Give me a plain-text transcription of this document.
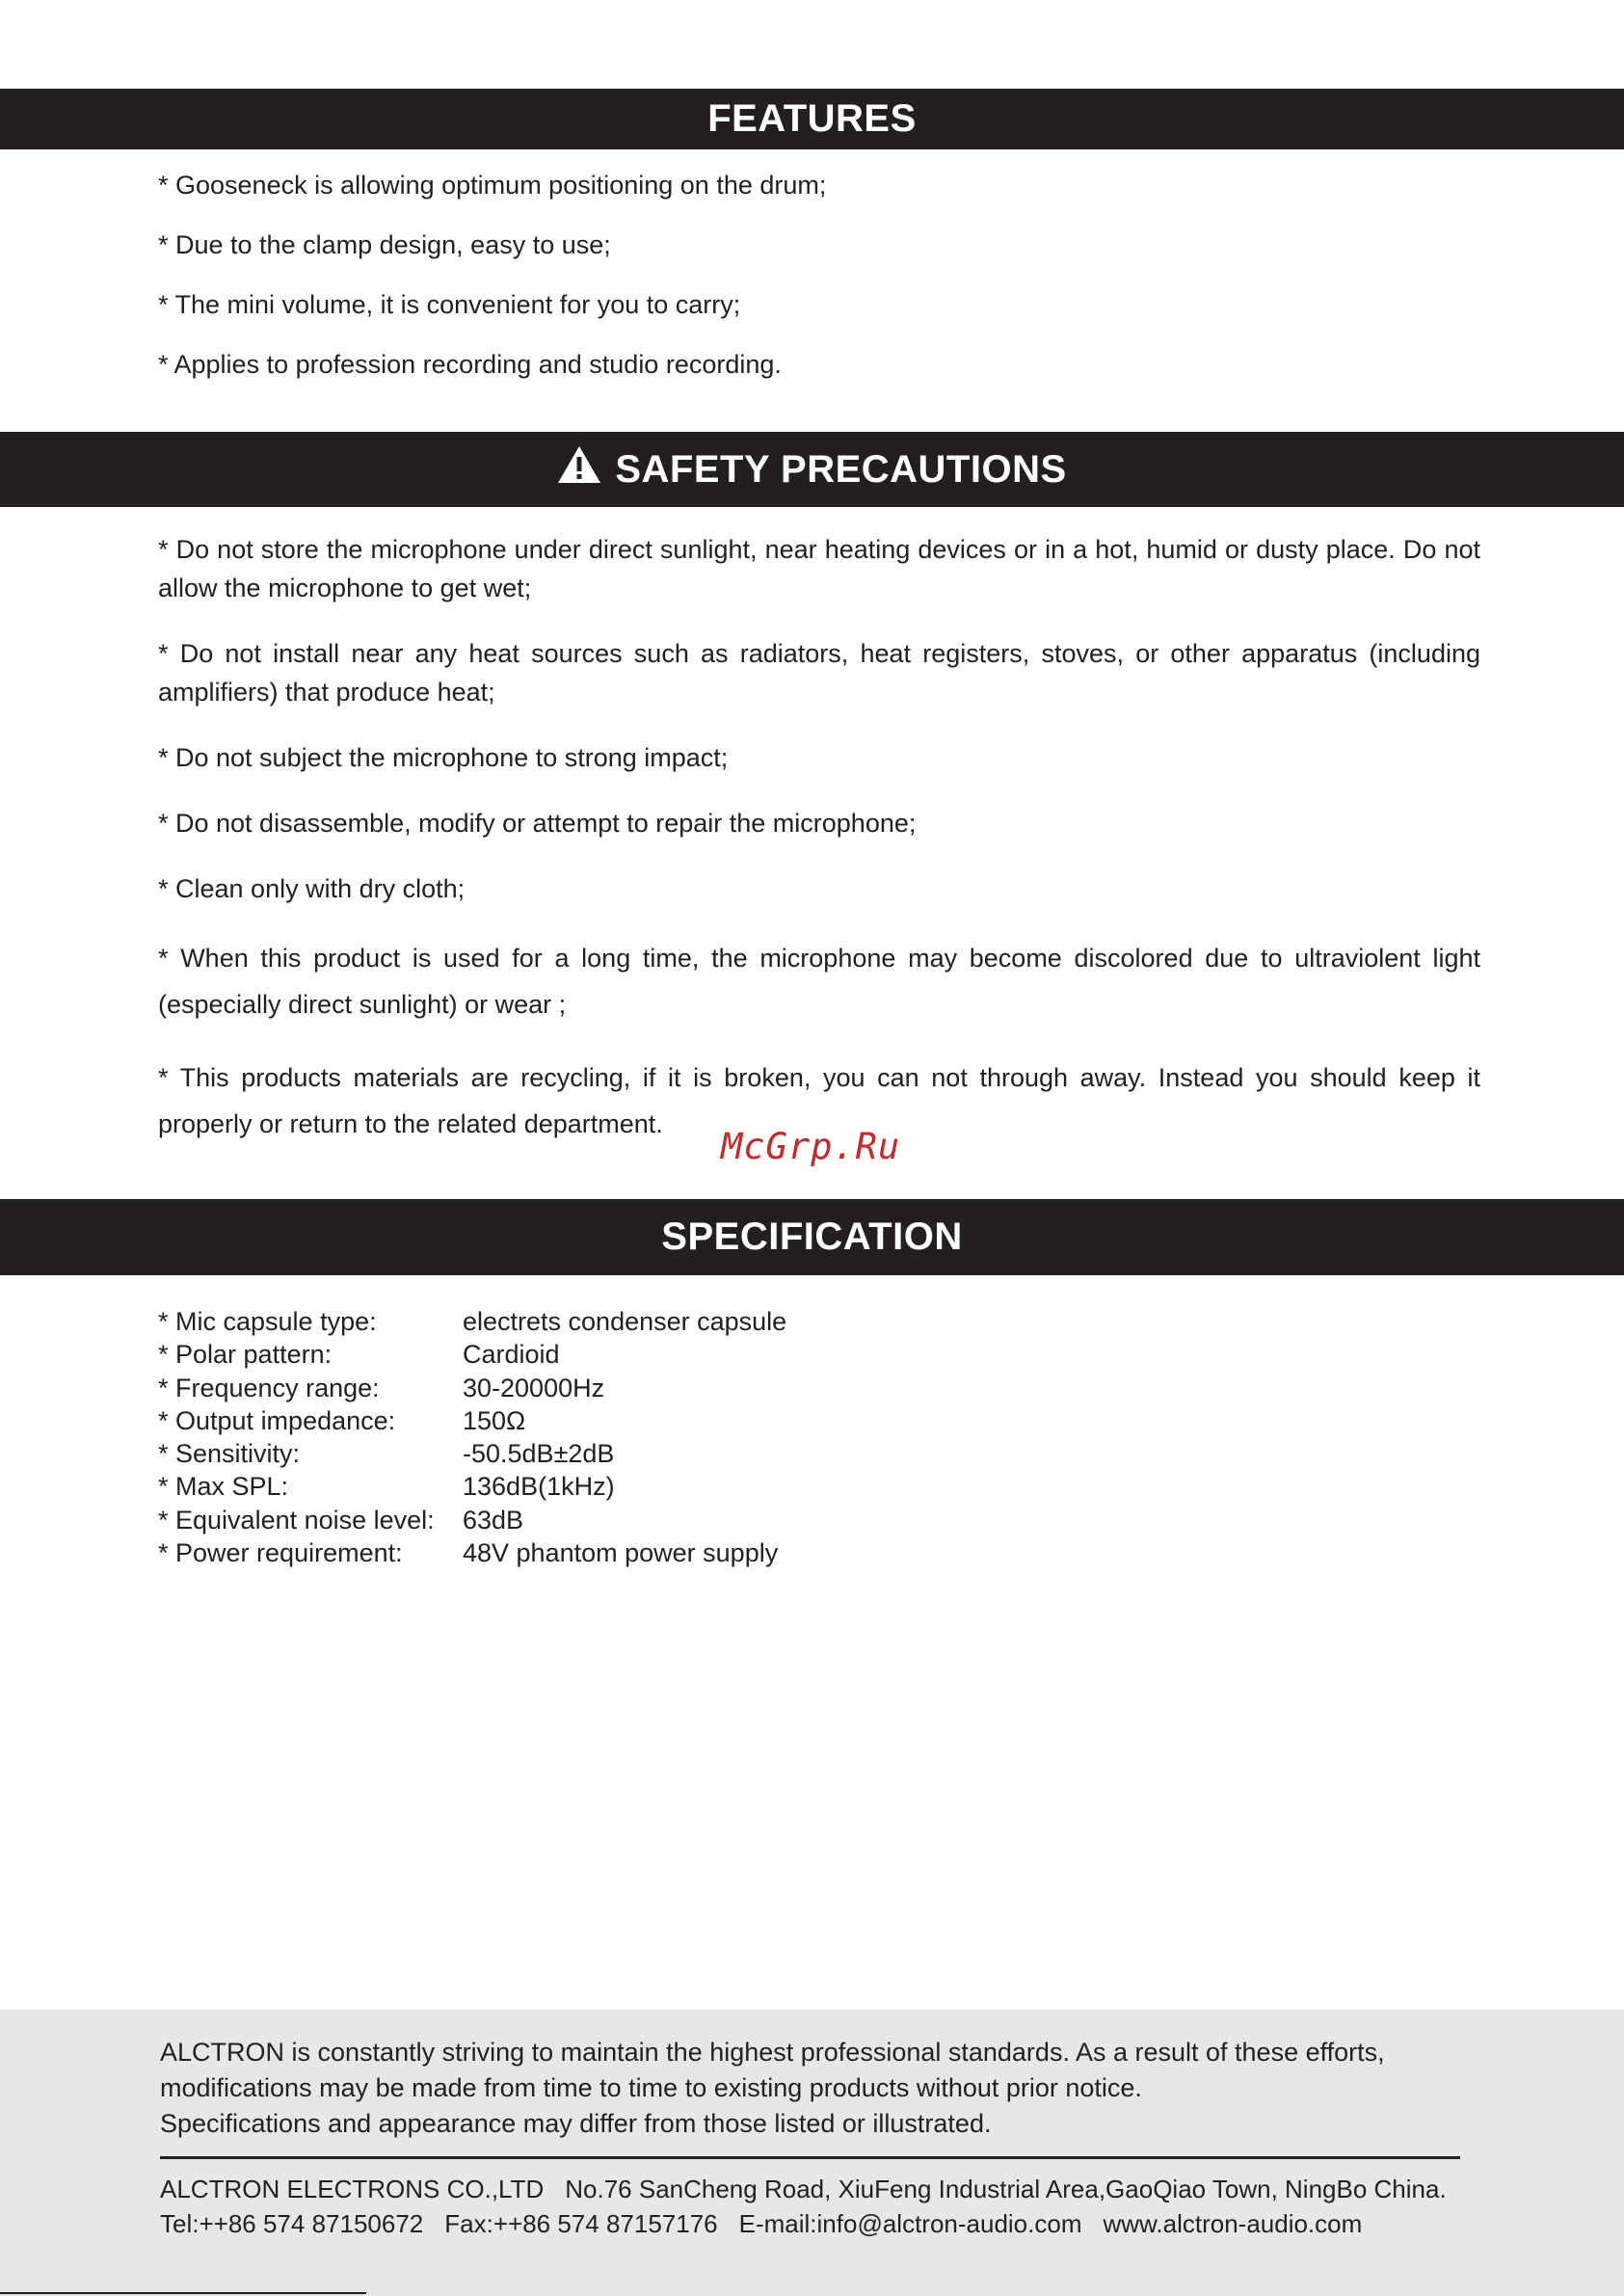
FEATURES
* Gooseneck is allowing optimum positioning on the drum;
* Due to the clamp design, easy to use;
* The mini volume, it is convenient for you to carry;
* Applies to profession recording and studio recording.
SAFETY PRECAUTIONS
* Do not store the microphone under direct sunlight, near heating devices or in a hot, humid or dusty place. Do not allow the microphone to get wet;
* Do not install near any heat sources such as radiators, heat registers, stoves, or other apparatus (including amplifiers) that produce heat;
* Do not subject the microphone to strong impact;
* Do not disassemble, modify or attempt to repair the microphone;
* Clean only with dry cloth;
* When this product is used for a long time, the microphone may become discolored due to ultraviolent light (especially direct sunlight) or wear ;
* This products materials are recycling, if it is broken, you can not through away. Instead you should keep it properly or return to the related department.
McGrp.Ru
SPECIFICATION
* Mic capsule type:	electrets condenser capsule
* Polar pattern:	Cardioid
* Frequency range:	30-20000Hz
* Output impedance:	150Ω
* Sensitivity:	-50.5dB±2dB
* Max SPL:	136dB(1kHz)
* Equivalent noise level:	63dB
* Power requirement:	48V phantom power supply
ALCTRON is constantly striving to maintain the highest professional standards. As a result of these efforts,
modifications may be made from time to time to existing products without prior notice.
Specifications and appearance may differ from those listed or illustrated.
ALCTRON ELECTRONS CO.,LTD No.76 SanCheng Road, XiuFeng Industrial Area,GaoQiao Town, NingBo China.
Tel:++86 574 87150672 Fax:++86 574 87157176 E-mail:info@alctron-audio.com www.alctron-audio.com
